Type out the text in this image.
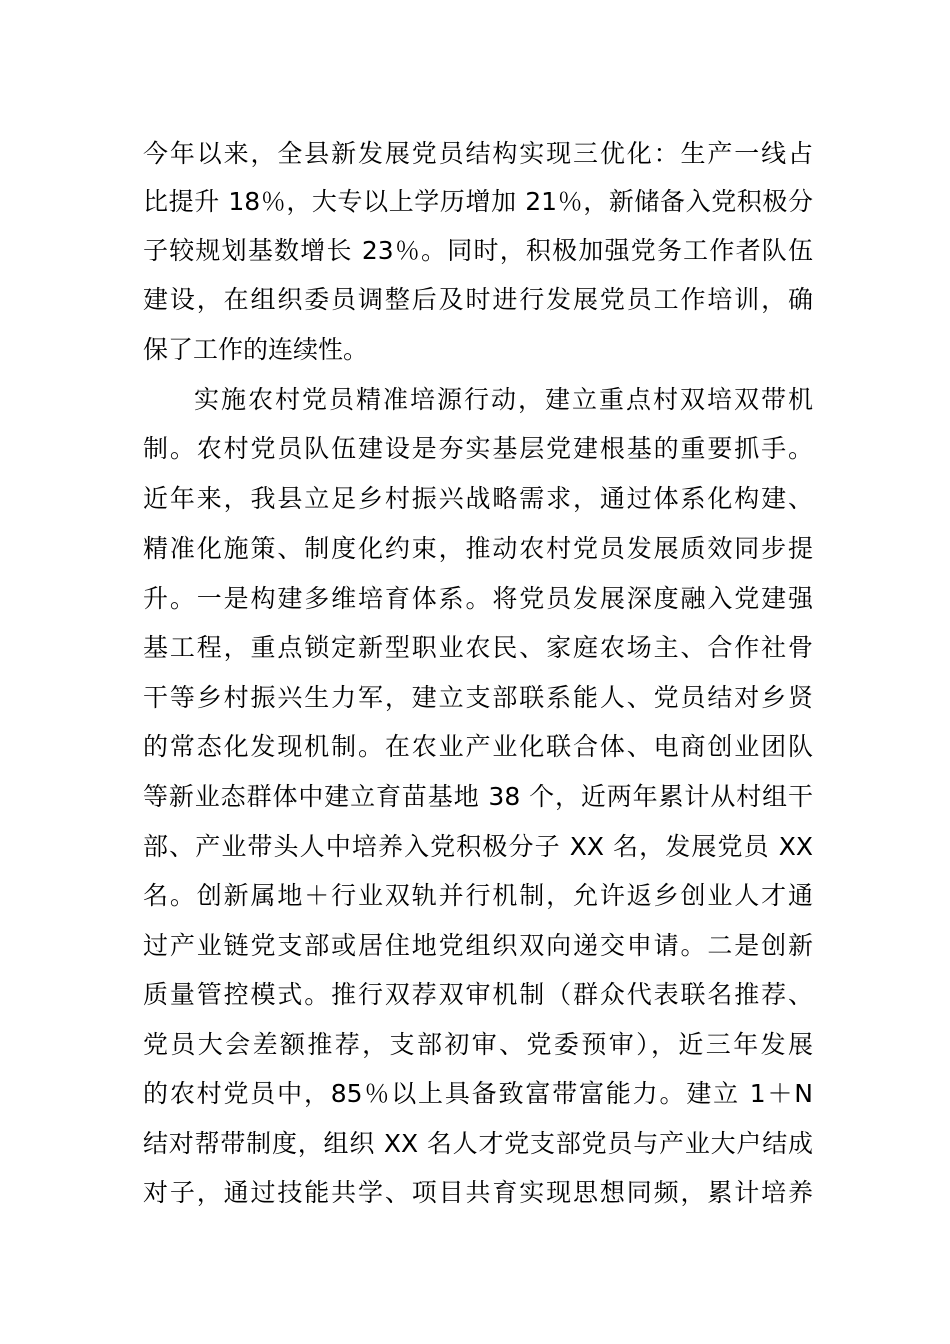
今年以来，全县新发展党员结构实现三优化：生产一线占
比提升 18％，大专以上学历增加 21％，新储备入党积极分
子较规划基数增长 23％。同时，积极加强党务工作者队伍
建设，在组织委员调整后及时进行发展党员工作培训，确
保了工作的连续性。
实施农村党员精准培源行动，建立重点村双培双带机
制。农村党员队伍建设是夯实基层党建根基的重要抓手。
近年来，我县立足乡村振兴战略需求，通过体系化构建、
精准化施策、制度化约束，推动农村党员发展质效同步提
升。一是构建多维培育体系。将党员发展深度融入党建强
基工程，重点锁定新型职业农民、家庭农场主、合作社骨
干等乡村振兴生力军，建立支部联系能人、党员结对乡贤
的常态化发现机制。在农业产业化联合体、电商创业团队
等新业态群体中建立育苗基地 38 个，近两年累计从村组干
部、产业带头人中培养入党积极分子 XX 名，发展党员 XX
名。创新属地＋行业双轨并行机制，允许返乡创业人才通
过产业链党支部或居住地党组织双向递交申请。二是创新
质量管控模式。推行双荐双审机制（群众代表联名推荐、
党员大会差额推荐，支部初审、党委预审），近三年发展
的农村党员中，85％以上具备致富带富能力。建立 1＋N
结对帮带制度，组织 XX 名人才党支部党员与产业大户结成
对子，通过技能共学、项目共育实现思想同频，累计培养
